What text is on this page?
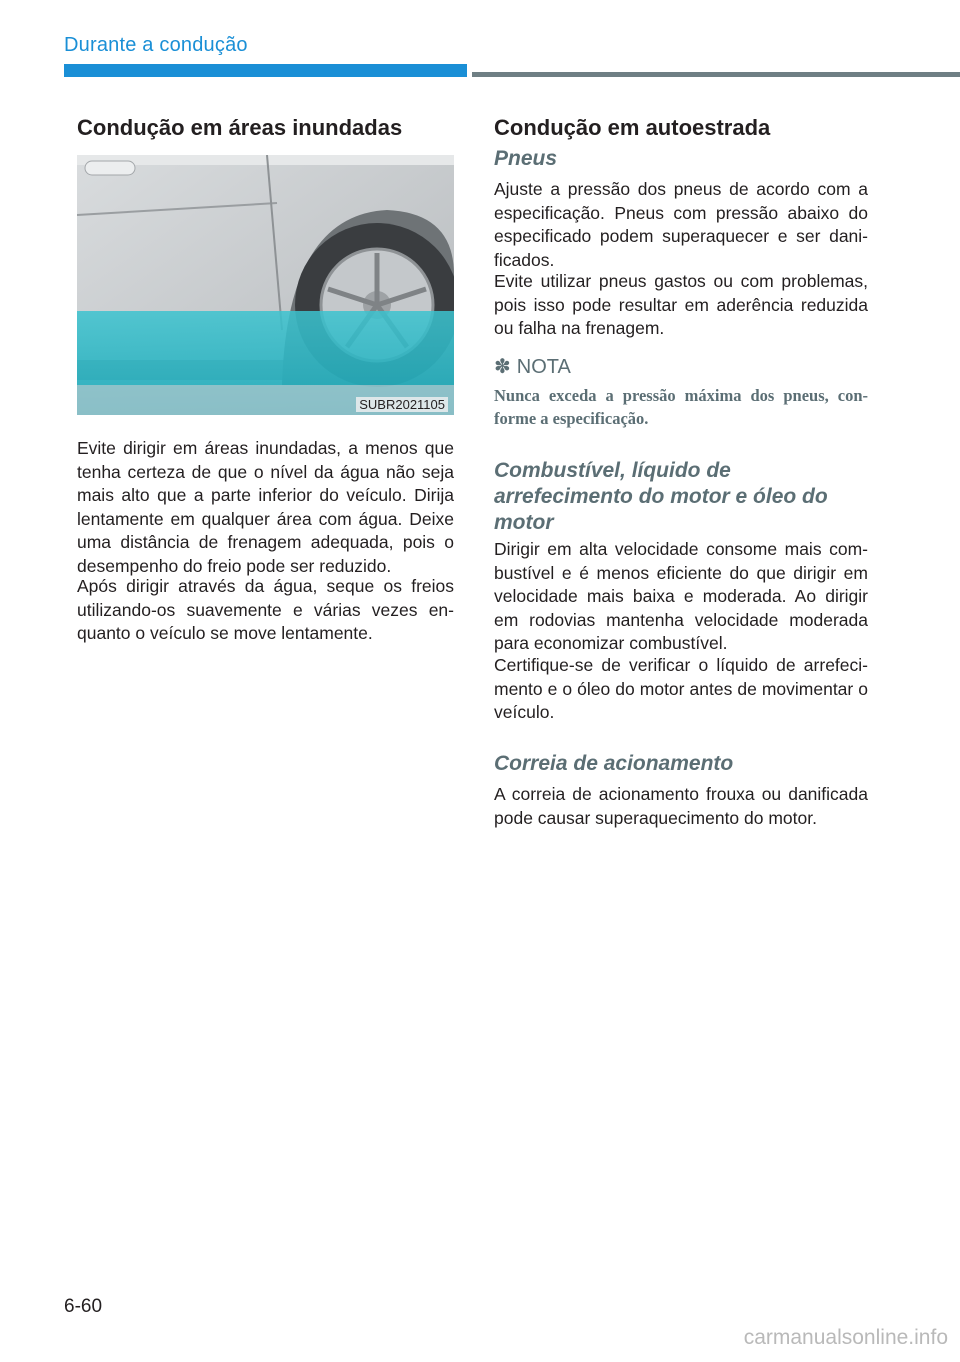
Durante a condução
Condução em áreas inundadas
SUBR2021105

Evite dirigir em áreas inundadas, a menos que tenha certeza de que o nível da água não seja mais alto que a parte inferior do veículo. Dirija lentamente em qualquer área com água. Deixe uma distância de frenagem adequada, pois o desempenho do freio pode ser reduzido.

Após dirigir através da água, seque os freios utilizando-os suavemente e várias vezes en- quanto o veículo se move lentamente.

Condução em autoestrada
Pneus

Ajuste a pressão dos pneus de acordo com a especificação. Pneus com pressão abaixo do especificado podem superaquecer e ser dani- ficados.

Evite utilizar pneus gastos ou com problemas, pois isso pode resultar em aderência reduzida ou falha na frenagem.

✽ NOTA

Nunca exceda a pressão máxima dos pneus, con- forme a especificação.

Combustível, líquido de arrefecimento do motor e óleo do motor

Dirigir em alta velocidade consome mais com- bustível e é menos eficiente do que dirigir em velocidade mais baixa e moderada. Ao dirigir em rodovias mantenha velocidade moderada para economizar combustível.

Certifique-se de verificar o líquido de arrefeci- mento e o óleo do motor antes de movimentar o veículo.

Correia de acionamento

A correia de acionamento frouxa ou danificada pode causar superaquecimento do motor.

6-60
carmanualsonline.info
